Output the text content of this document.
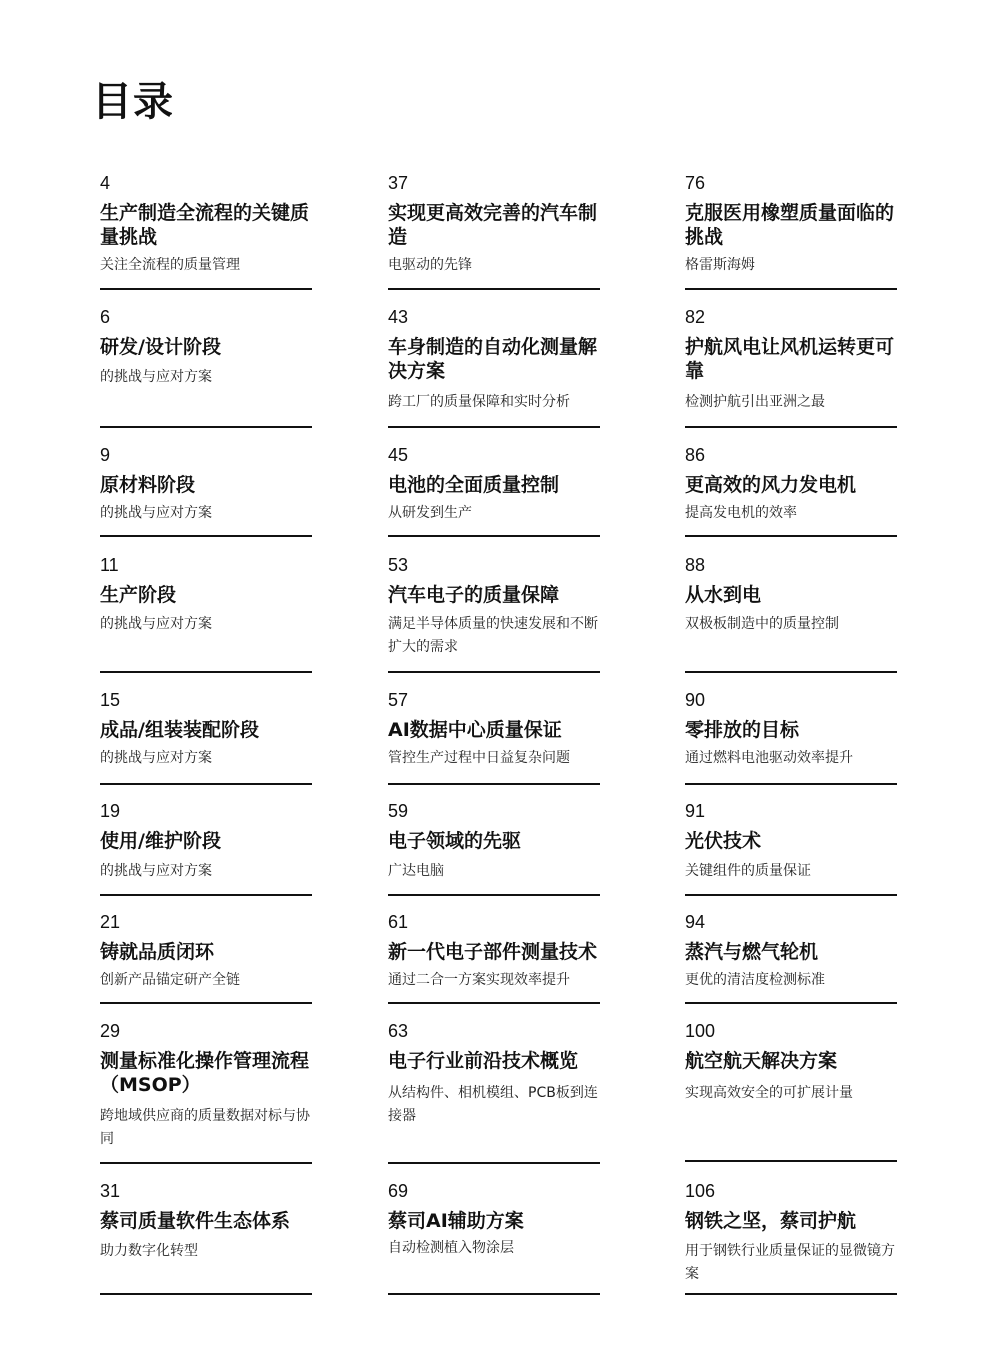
目录
4
生产制造全流程的关键质量挑战
关注全流程的质量管理
6
研发/设计阶段
的挑战与应对方案
9
原材料阶段
的挑战与应对方案
11
生产阶段
的挑战与应对方案
15
成品/组装装配阶段
的挑战与应对方案
19
使用/维护阶段
的挑战与应对方案
21
铸就品质闭环
创新产品锚定研产全链
29
测量标准化操作管理流程（MSOP）
跨地域供应商的质量数据对标与协同
31
蔡司质量软件生态体系
助力数字化转型
37
实现更高效完善的汽车制造
电驱动的先锋
43
车身制造的自动化测量解决方案
跨工厂的质量保障和实时分析
45
电池的全面质量控制
从研发到生产
53
汽车电子的质量保障
满足半导体质量的快速发展和不断扩大的需求
57
AI数据中心质量保证
管控生产过程中日益复杂问题
59
电子领域的先驱
广达电脑
61
新一代电子部件测量技术
通过二合一方案实现效率提升
63
电子行业前沿技术概览
从结构件、相机模组、PCB板到连接器
69
蔡司AI辅助方案
自动检测植入物涂层
76
克服医用橡塑质量面临的挑战
格雷斯海姆
82
护航风电让风机运转更可靠
检测护航引出亚洲之最
86
更高效的风力发电机
提高发电机的效率
88
从水到电
双极板制造中的质量控制
90
零排放的目标
通过燃料电池驱动效率提升
91
光伏技术
关键组件的质量保证
94
蒸汽与燃气轮机
更优的清洁度检测标准
100
航空航天解决方案
实现高效安全的可扩展计量
106
钢铁之坚，蔡司护航
用于钢铁行业质量保证的显微镜方案
